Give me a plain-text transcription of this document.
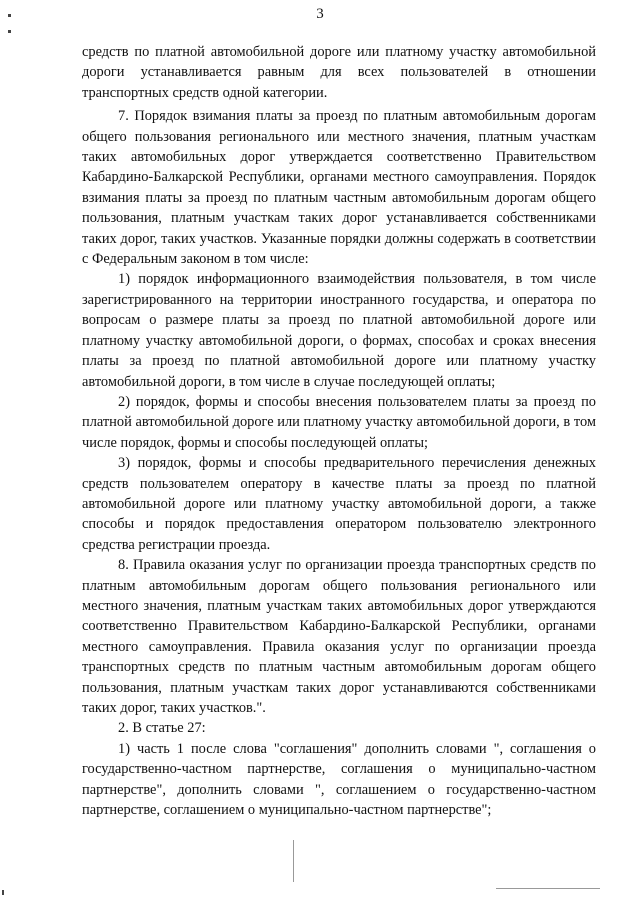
3

средств по платной автомобильной дороге или платному участку автомобильной дороги устанавливается равным для всех пользователей в отношении транспортных средств одной категории.

7. Порядок взимания платы за проезд по платным автомобильным дорогам общего пользования регионального или местного значения, платным участкам таких автомобильных дорог утверждается соответственно Правительством Кабардино-Балкарской Республики, органами местного самоуправления. Порядок взимания платы за проезд по платным частным автомобильным дорогам общего пользования, платным участкам таких дорог устанавливается собственниками таких дорог, таких участков. Указанные порядки должны содержать в соответствии с Федеральным законом в том числе:

1) порядок информационного взаимодействия пользователя, в том числе зарегистрированного на территории иностранного государства, и оператора по вопросам о размере платы за проезд по платной автомобильной дороге или платному участку автомобильной дороги, о формах, способах и сроках внесения платы за проезд по платной автомобильной дороге или платному участку автомобильной дороги, в том числе в случае последующей оплаты;

2) порядок, формы и способы внесения пользователем платы за проезд по платной автомобильной дороге или платному участку автомобильной дороги, в том числе порядок, формы и способы последующей оплаты;

3) порядок, формы и способы предварительного перечисления денежных средств пользователем оператору в качестве платы за проезд по платной автомобильной дороге или платному участку автомобильной дороги, а также способы и порядок предоставления оператором пользователю электронного средства регистрации проезда.

8. Правила оказания услуг по организации проезда транспортных средств по платным автомобильным дорогам общего пользования регионального или местного значения, платным участкам таких автомобильных дорог утверждаются соответственно Правительством Кабардино-Балкарской Республики, органами местного самоуправления. Правила оказания услуг по организации проезда транспортных средств по платным частным автомобильным дорогам общего пользования, платным участкам таких дорог устанавливаются собственниками таких дорог, таких участков.".

2. В статье 27:

1) часть 1 после слова "соглашения" дополнить словами ", соглашения о государственно-частном партнерстве, соглашения о муниципально-частном партнерстве", дополнить словами ", соглашением о государственно-частном партнерстве, соглашением о муниципально-частном партнерстве";
